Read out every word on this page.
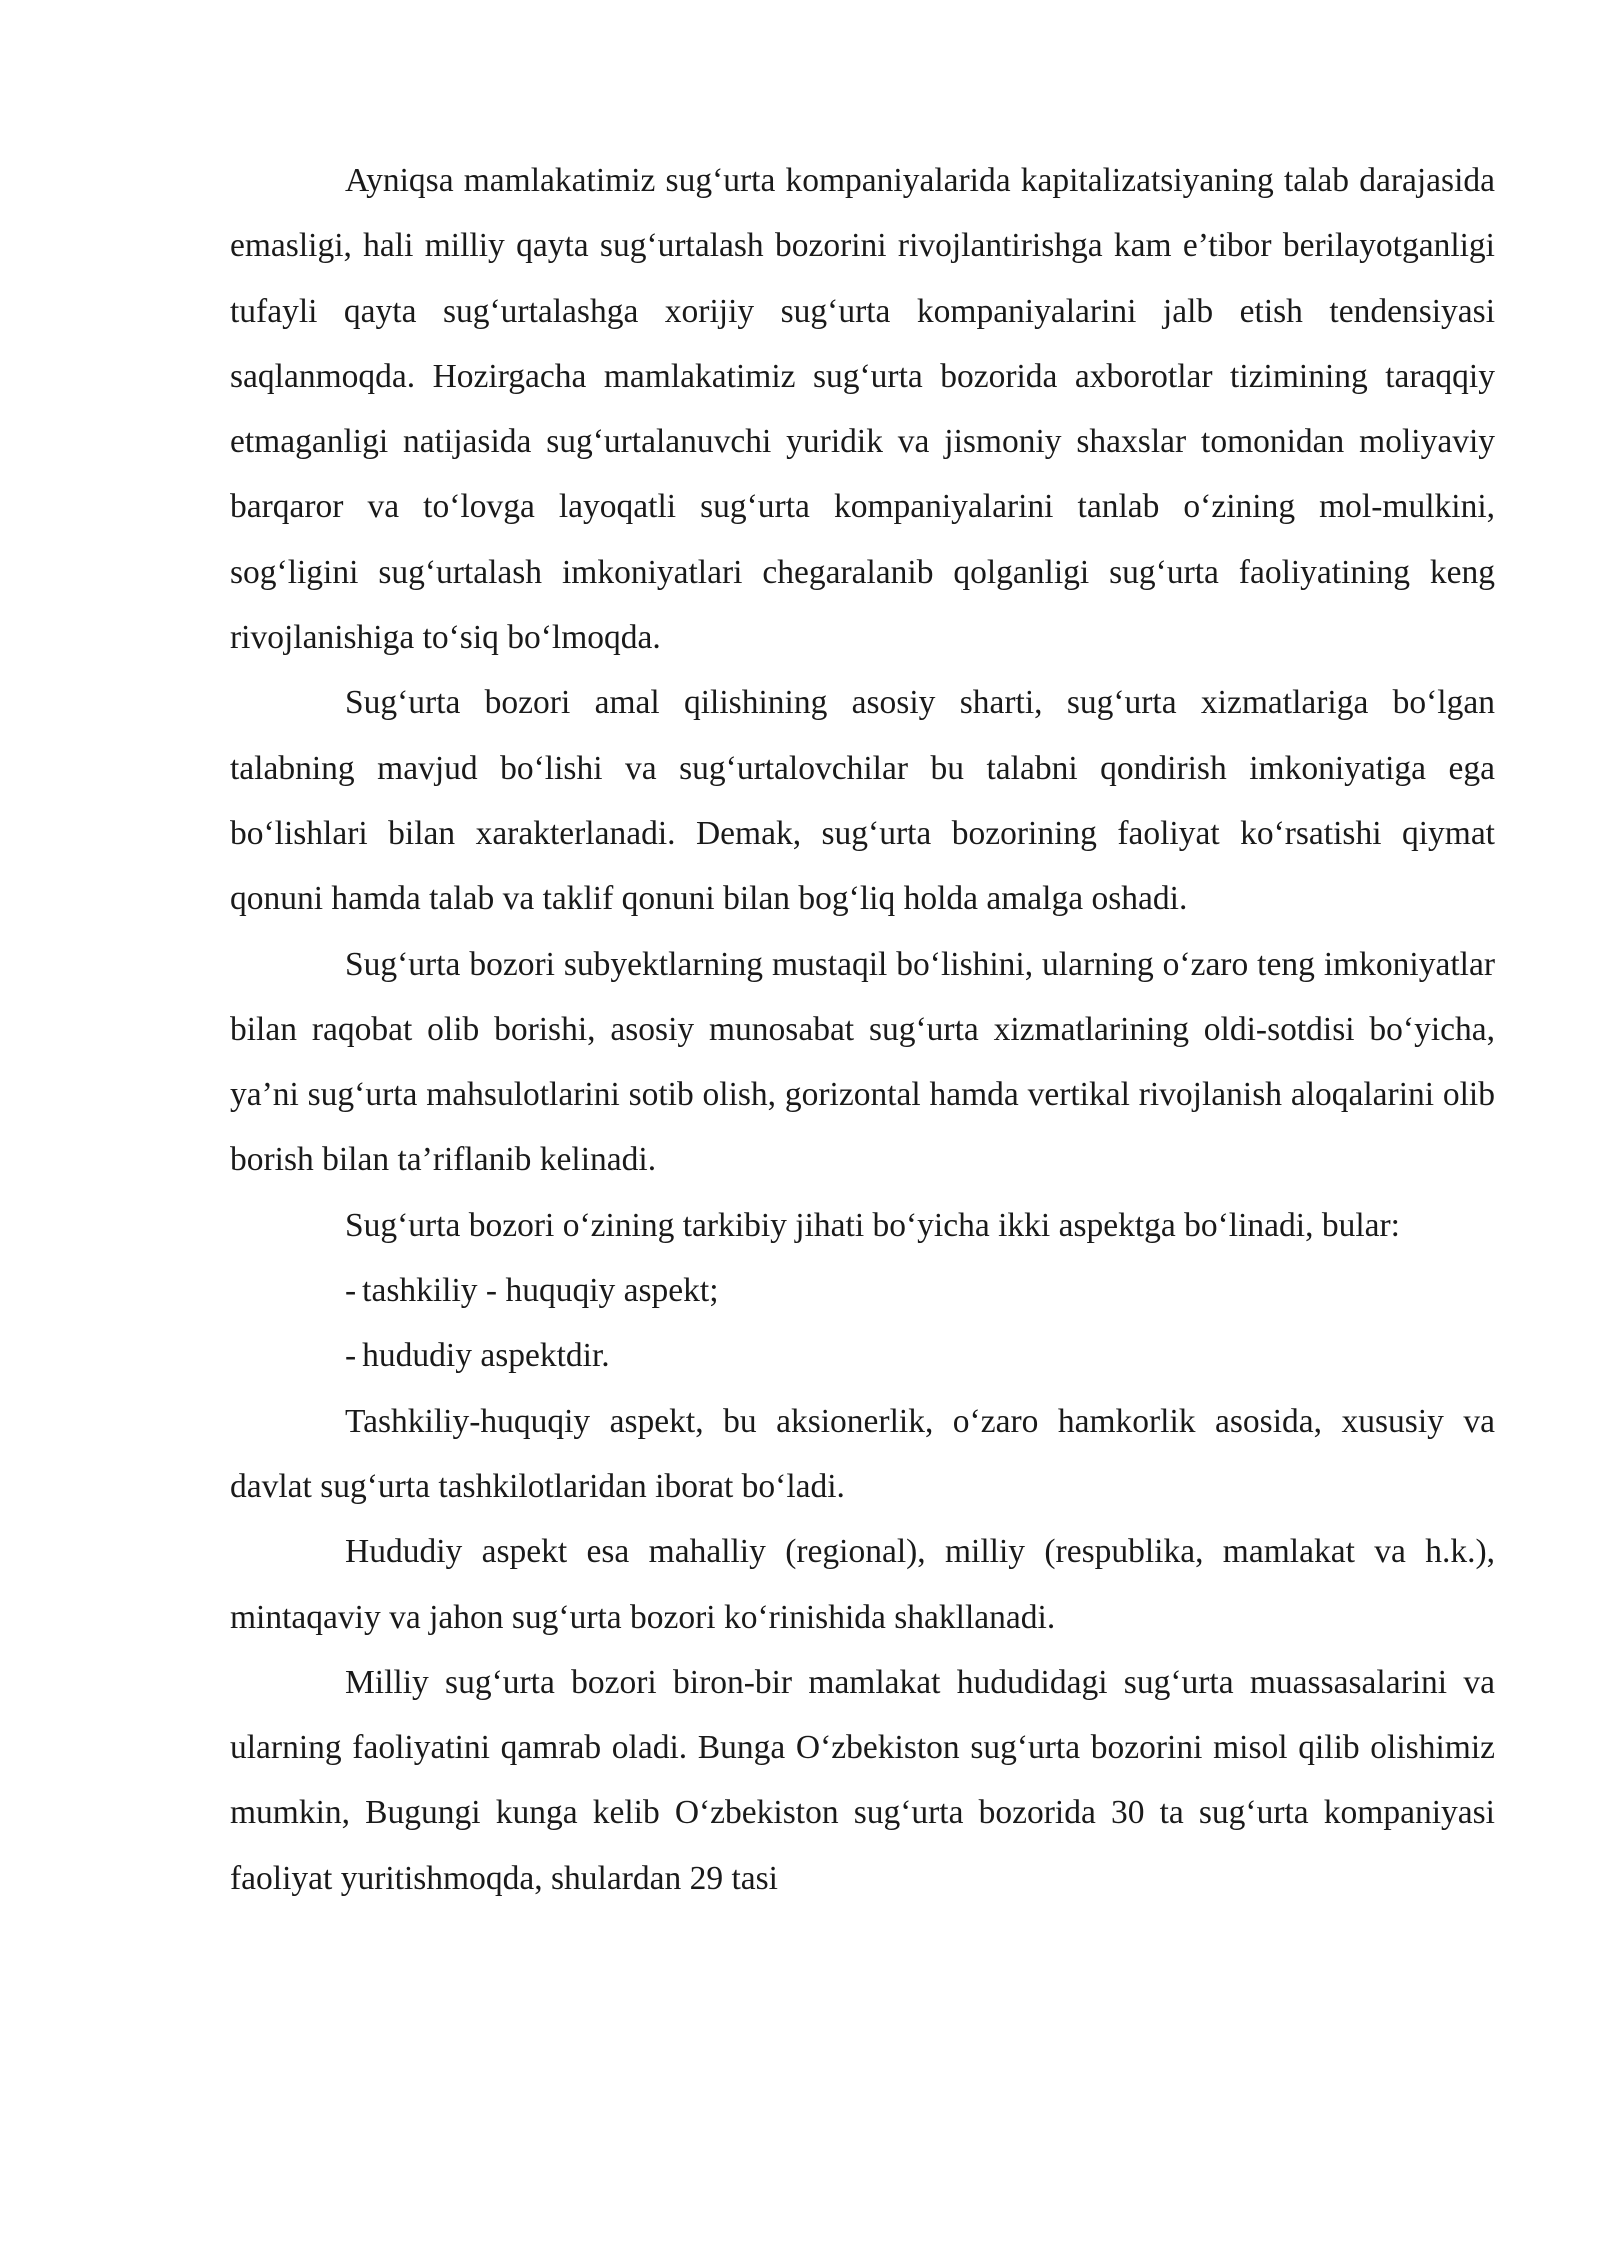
Ayniqsa mamlakatimiz sug‘urta kompaniyalarida kapitalizatsiyaning talab darajasida emasligi, hali milliy qayta sug‘urtalash bozorini rivojlantirishga kam e’tibor berilayotganligi tufayli qayta sug‘urtalashga xorijiy sug‘urta kompaniyalarini jalb etish tendensiyasi saqlanmoqda. Hozirgacha mamlakatimiz sug‘urta bozorida axborotlar tizimining taraqqiy etmaganligi natijasida sug‘urtalanuvchi yuridik va jismoniy shaxslar tomonidan moliyaviy barqaror va to‘lovga layoqatli sug‘urta kompaniyalarini tanlab o‘zining mol-mulkini, sog‘ligini sug‘urtalash imkoniyatlari chegaralanib qolganligi sug‘urta faoliyatining keng rivojlanishiga to‘siq bo‘lmoqda.

Sug‘urta bozori amal qilishining asosiy sharti, sug‘urta xizmatlariga bo‘lgan talabning mavjud bo‘lishi va sug‘urtalovchilar bu talabni qondirish imkoniyatiga ega bo‘lishlari bilan xarakterlanadi. Demak, sug‘urta bozorining faoliyat ko‘rsatishi qiymat qonuni hamda talab va taklif qonuni bilan bog‘liq holda amalga oshadi.

Sug‘urta bozori subyektlarning mustaqil bo‘lishini, ularning o‘zaro teng imkoniyatlar bilan raqobat olib borishi, asosiy munosabat sug‘urta xizmatlarining oldi-sotdisi bo‘yicha, ya’ni sug‘urta mahsulotlarini sotib olish, gorizontal hamda vertikal rivojlanish aloqalarini olib borish bilan ta’riflanib kelinadi.

Sug‘urta bozori o‘zining tarkibiy jihati bo‘yicha ikki aspektga bo‘linadi, bular:

- tashkiliy - huquqiy aspekt;

- hududiy aspektdir.

Tashkiliy-huquqiy aspekt, bu aksionerlik, o‘zaro hamkorlik asosida, xususiy va davlat sug‘urta tashkilotlaridan iborat bo‘ladi.

Hududiy aspekt esa mahalliy (regional), milliy (respublika, mamlakat va h.k.), mintaqaviy va jahon sug‘urta bozori ko‘rinishida shakllanadi.

Milliy sug‘urta bozori biron-bir mamlakat hududidagi sug‘urta muassasalarini va ularning faoliyatini qamrab oladi. Bunga O‘zbekiston sug‘urta bozorini misol qilib olishimiz mumkin, Bugungi kunga kelib O‘zbekiston sug‘urta bozorida 30 ta sug‘urta kompaniyasi faoliyat yuritishmoqda, shulardan 29 tasi
